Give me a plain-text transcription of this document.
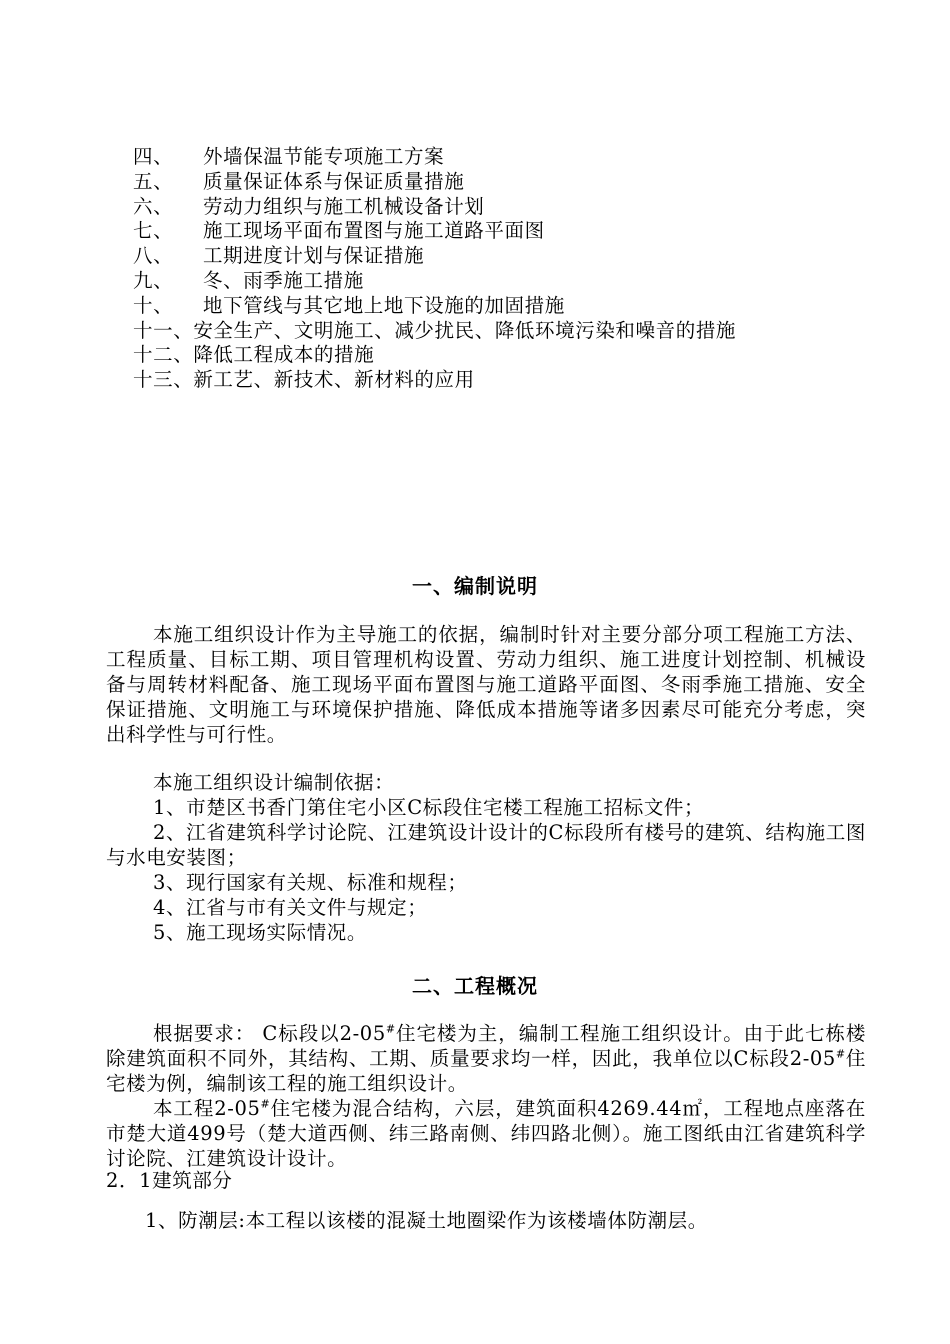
四、 外墙保温节能专项施工方案
五、 质量保证体系与保证质量措施
六、 劳动力组织与施工机械设备计划
七、 施工现场平面布置图与施工道路平面图
八、 工期进度计划与保证措施
九、 冬、雨季施工措施
十、 地下管线与其它地上地下设施的加固措施
十一、安全生产、文明施工、减少扰民、降低环境污染和噪音的措施
十二、降低工程成本的措施
十三、新工艺、新技术、新材料的应用
一、编制说明

本施工组织设计作为主导施工的依据，编制时针对主要分部分项工程施工方法、工程质量、目标工期、项目管理机构设置、劳动力组织、施工进度计划控制、机械设备与周转材料配备、施工现场平面布置图与施工道路平面图、冬雨季施工措施、安全保证措施、文明施工与环境保护措施、降低成本措施等诸多因素尽可能充分考虑，突出科学性与可行性。

本施工组织设计编制依据：
1、市楚区书香门第住宅小区C标段住宅楼工程施工招标文件；

2、江省建筑科学讨论院、江建筑设计设计的C标段所有楼号的建筑、结构施工图与水电安装图；

3、现行国家有关规、标准和规程；
4、江省与市有关文件与规定；
5、施工现场实际情况。
二、工程概况

根据要求： C标段以2-05#住宅楼为主，编制工程施工组织设计。由于此七栋楼除建筑面积不同外，其结构、工期、质量要求均一样，因此，我单位以C标段2-05#住宅楼为例，编制该工程的施工组织设计。

本工程2-05#住宅楼为混合结构，六层，建筑面积4269.44㎡，工程地点座落在市楚大道499号（楚大道西侧、纬三路南侧、纬四路北侧）。施工图纸由江省建筑科学讨论院、江建筑设计设计。

2．1建筑部分
1、防潮层:本工程以该楼的混凝土地圈梁作为该楼墙体防潮层。
